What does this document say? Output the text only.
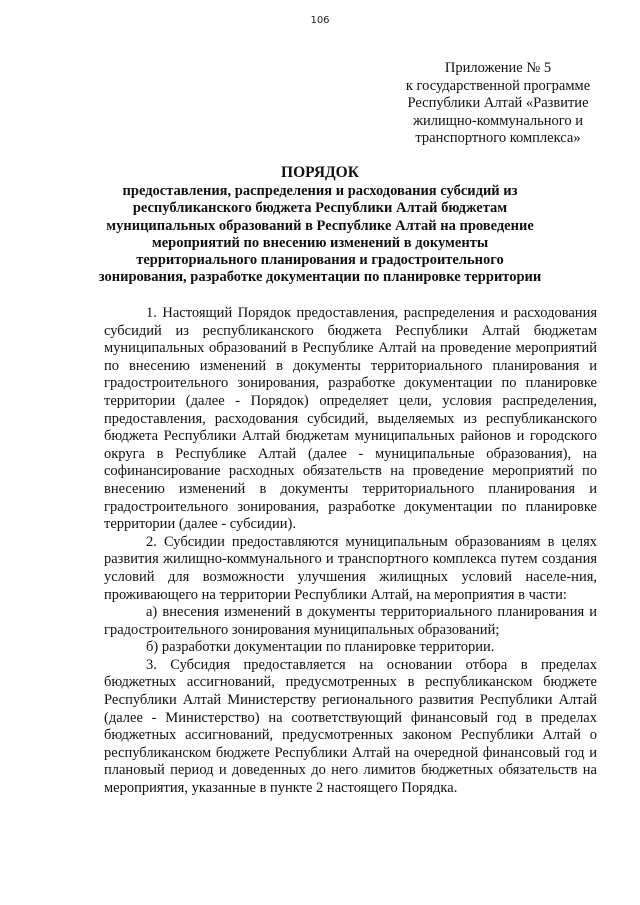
106
Приложение № 5
к государственной программе
Республики Алтай «Развитие
жилищно-коммунального и
транспортного комплекса»
ПОРЯДОК
предоставления, распределения и расходования субсидий из республиканского бюджета Республики Алтай бюджетам муниципальных образований в Республике Алтай на проведение мероприятий по внесению изменений в документы территориального планирования и градостроительного зонирования, разработке документации по планировке территории

1. Настоящий Порядок предоставления, распределения и расходования субсидий из республиканского бюджета Республики Алтай бюджетам муниципальных образований в Республике Алтай на проведение мероприятий по внесению изменений в документы территориального планирования и градостроительного зонирования, разработке документации по планировке территории (далее - Порядок) определяет цели, условия распределения, предоставления, расходования субсидий, выделяемых из республиканского бюджета Республики Алтай бюджетам муниципальных районов и городского округа в Республике Алтай (далее - муниципальные образования), на софинансирование расходных обязательств на проведение мероприятий по внесению изменений в документы территориального планирования и градостроительного зонирования, разработке документации по планировке территории (далее - субсидии).

2. Субсидии предоставляются муниципальным образованиям в целях развития жилищно-коммунального и транспортного комплекса путем создания условий для возможности улучшения жилищных условий населе-ния, проживающего на территории Республики Алтай, на мероприятия в части:

а) внесения изменений в документы территориального планирования и градостроительного зонирования муниципальных образований;

б) разработки документации по планировке территории.

3. Субсидия предоставляется на основании отбора в пределах бюджетных ассигнований, предусмотренных в республиканском бюджете Республики Алтай Министерству регионального развития Республики Алтай (далее - Министерство) на соответствующий финансовый год в пределах бюджетных ассигнований, предусмотренных законом Республики Алтай о республиканском бюджете Республики Алтай на очередной финансовый год и плановый период и доведенных до него лимитов бюджетных обязательств на мероприятия, указанные в пункте 2 настоящего Порядка.
